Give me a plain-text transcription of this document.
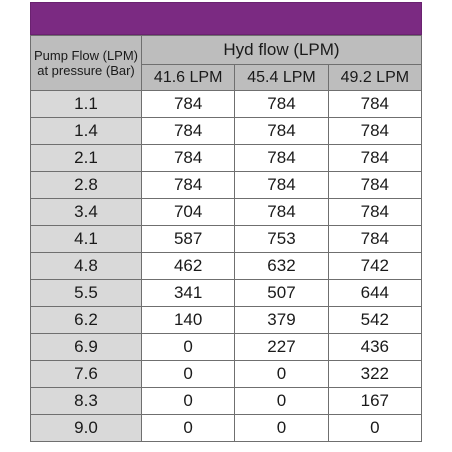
Pump Flow (LPM) at pressure (Bar)	Hyd flow (LPM)		
	41.6 LPM	45.4 LPM	49.2 LPM
1.1	784	784	784
1.4	784	784	784
2.1	784	784	784
2.8	784	784	784
3.4	704	784	784
4.1	587	753	784
4.8	462	632	742
5.5	341	507	644
6.2	140	379	542
6.9	0	227	436
7.6	0	0	322
8.3	0	0	167
9.0	0	0	0
